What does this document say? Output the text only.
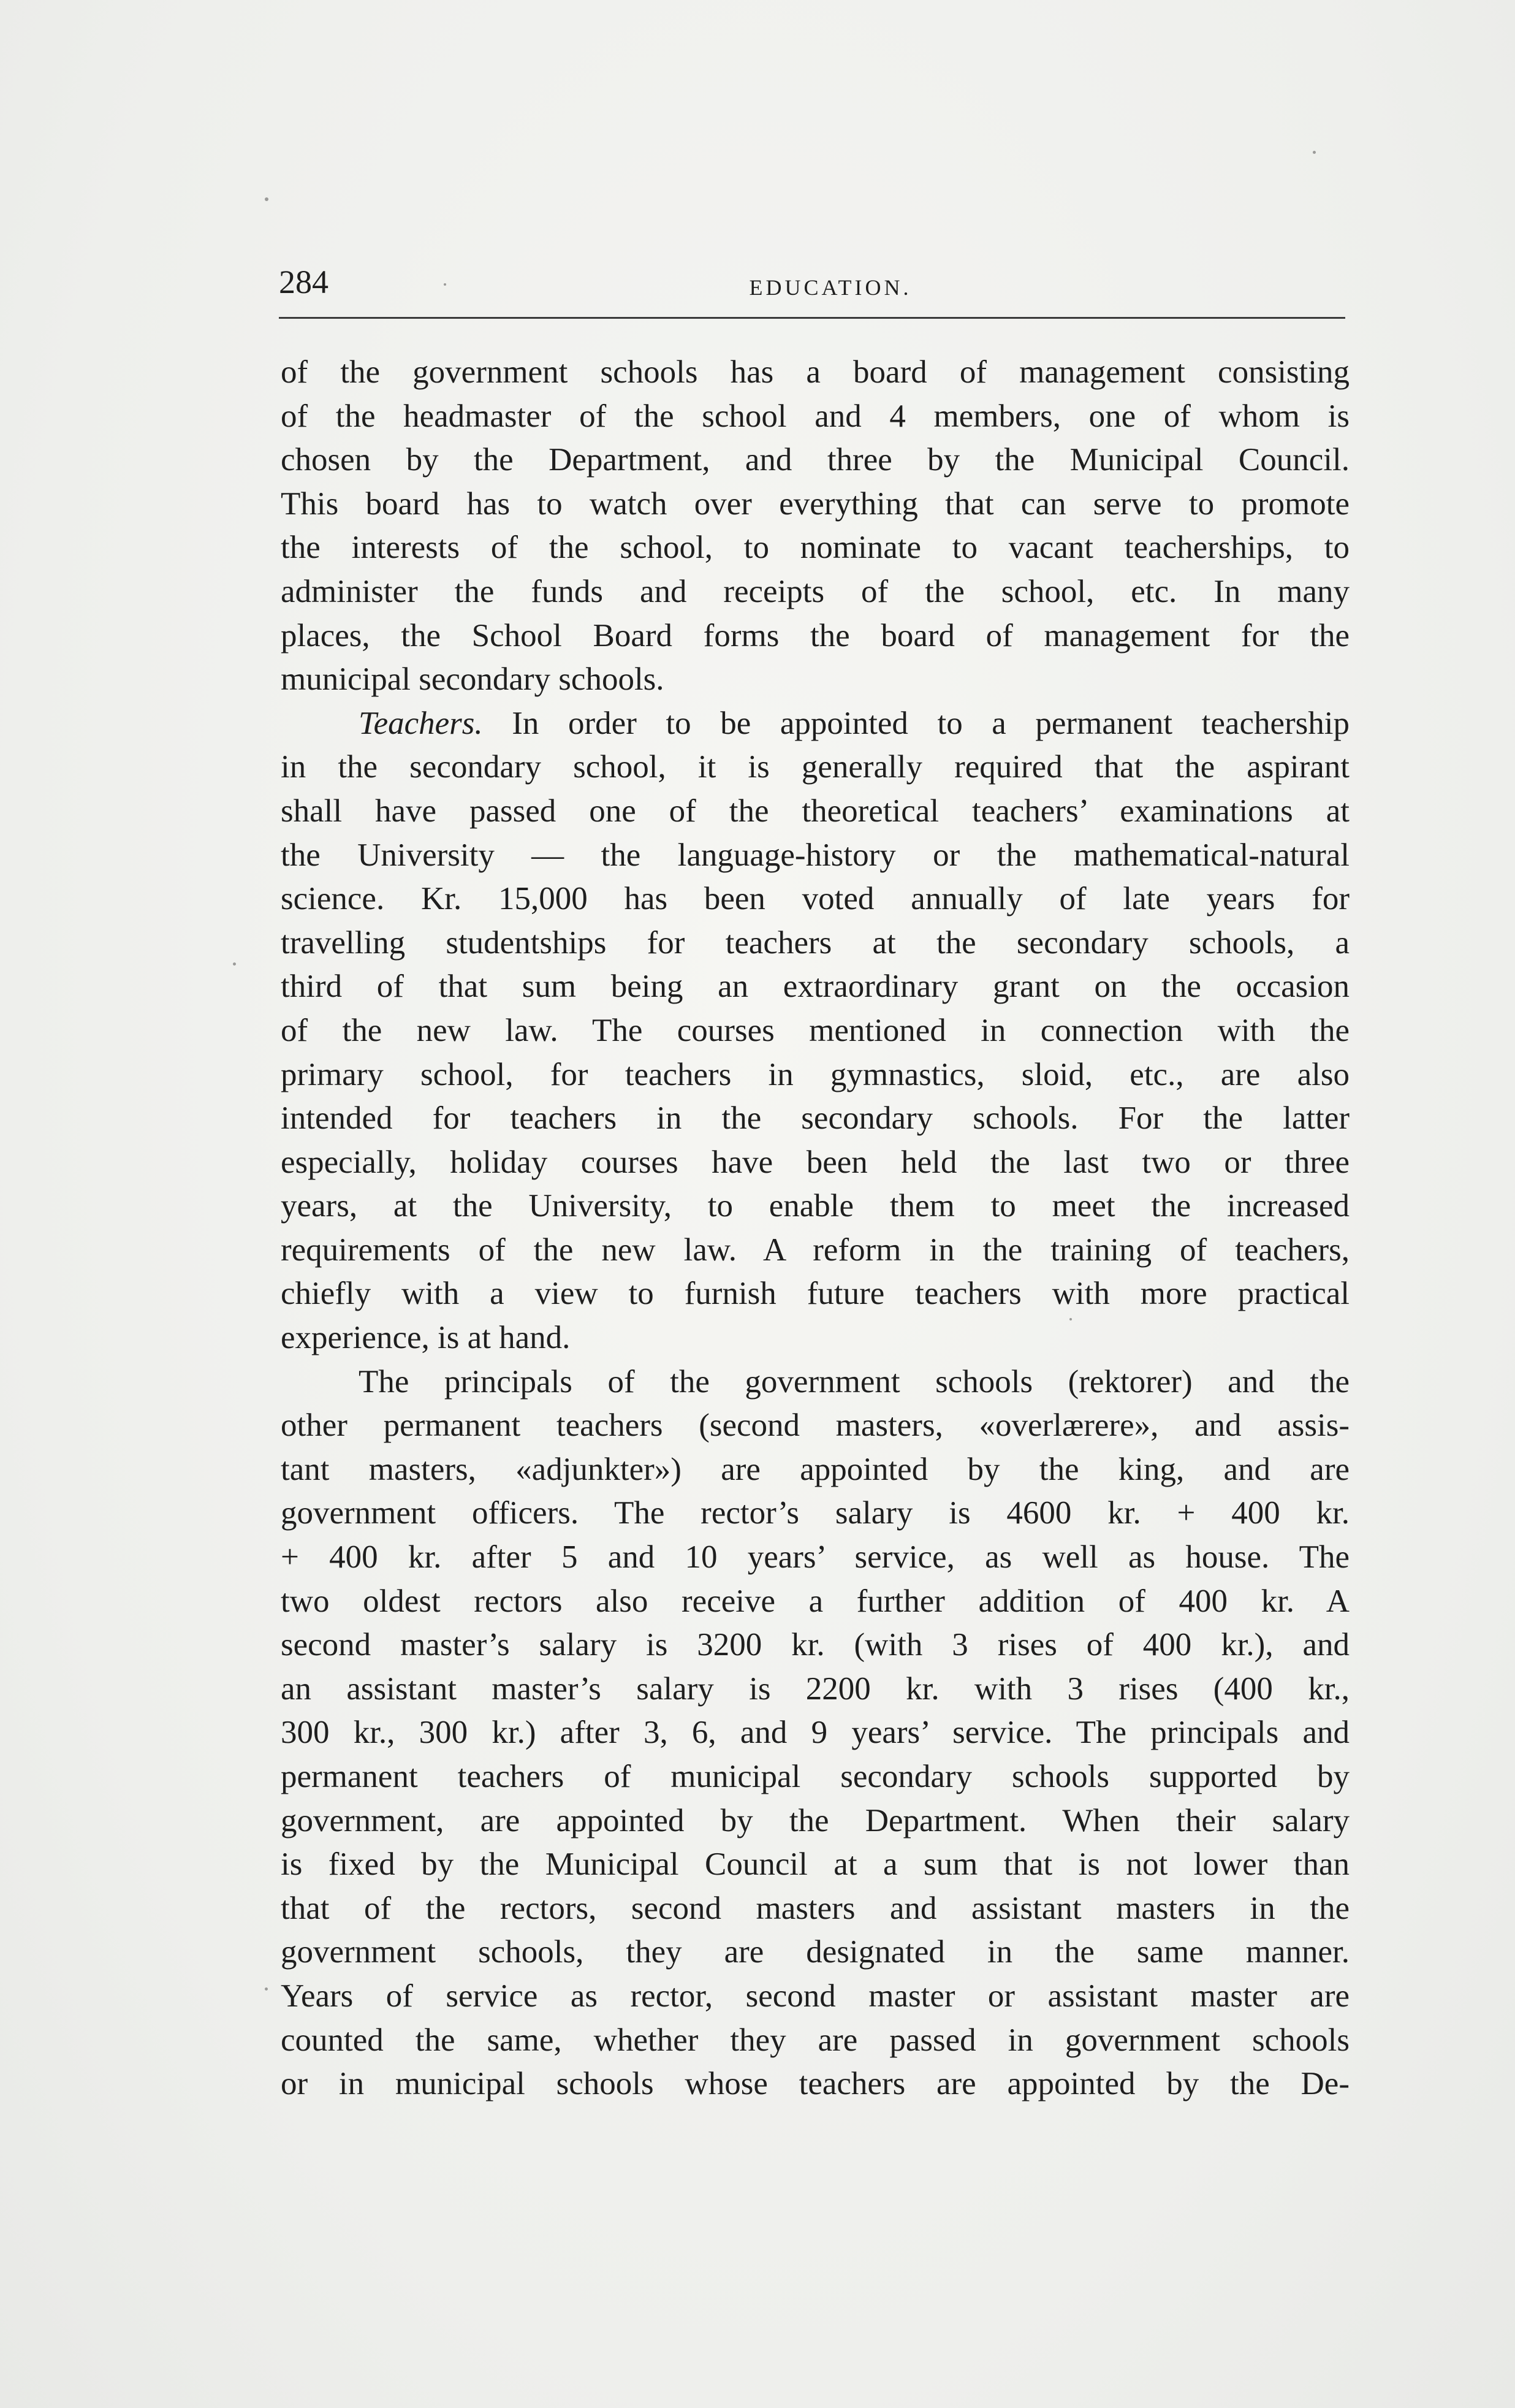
284	EDUCATION.
of the government schools has a board of management consisting
of the headmaster of the school and 4 members, one of whom is
chosen by the Department, and three by the Municipal Council.
This board has to watch over everything that can serve to promote
the interests of the school, to nominate to vacant teacherships, to
administer the funds and receipts of the school, etc. In many
places, the School Board forms the board of management for the
municipal secondary schools.
Teachers. In order to be appointed to a permanent teachership
in the secondary school, it is generally required that the aspirant
shall have passed one of the theoretical teachers’ examinations at
the University — the language-history or the mathematical-natural
science. Kr. 15,000 has been voted annually of late years for
travelling studentships for teachers at the secondary schools, a
third of that sum being an extraordinary grant on the occasion
of the new law. The courses mentioned in connection with the
primary school, for teachers in gymnastics, sloid, etc., are also
intended for teachers in the secondary schools. For the latter
especially, holiday courses have been held the last two or three
years, at the University, to enable them to meet the increased
requirements of the new law. A reform in the training of teachers,
chiefly with a view to furnish future teachers with more practical
experience, is at hand.
The principals of the government schools (rektorer) and the
other permanent teachers (second masters, «overlærere», and assis-
tant masters, «adjunkter») are appointed by the king, and are
government officers. The rector’s salary is 4600 kr. + 400 kr.
+ 400 kr. after 5 and 10 years’ service, as well as house. The
two oldest rectors also receive a further addition of 400 kr. A
second master’s salary is 3200 kr. (with 3 rises of 400 kr.), and
an assistant master’s salary is 2200 kr. with 3 rises (400 kr.,
300 kr., 300 kr.) after 3, 6, and 9 years’ service. The principals and
permanent teachers of municipal secondary schools supported by
government, are appointed by the Department. When their salary
is fixed by the Municipal Council at a sum that is not lower than
that of the rectors, second masters and assistant masters in the
government schools, they are designated in the same manner.
Years of service as rector, second master or assistant master are
counted the same, whether they are passed in government schools
or in municipal schools whose teachers are appointed by the De-
